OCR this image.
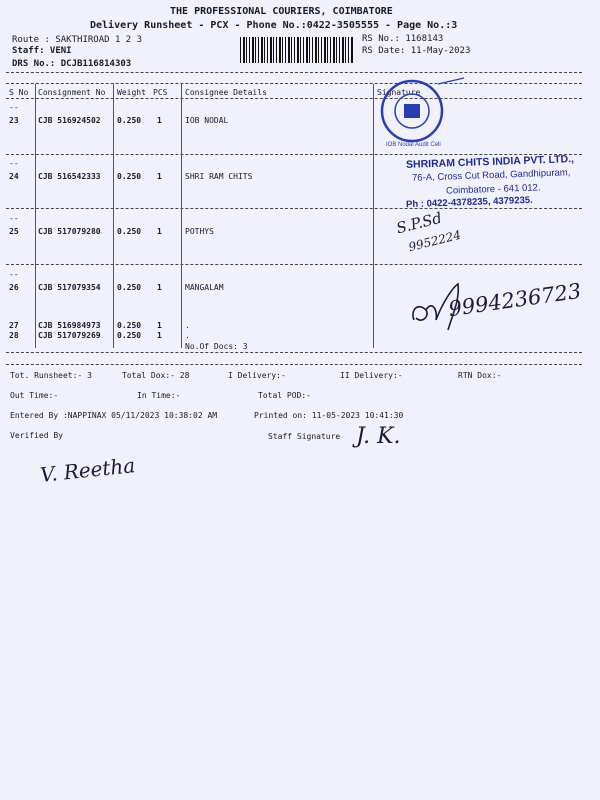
THE PROFESSIONAL COURIERS, COIMBATORE
Delivery Runsheet - PCX - Phone No.:0422-3505555 - Page No.:3
Route : SAKTHIROAD 1 2 3
Staff: VENI
DRS No.: DCJB116814303
RS No.: 1168143
RS Date: 11-May-2023
S No Consignment No Weight PCS Consignee Details	Signature
--
23 CJB 516924502 0.250 1	IOB NODAL
--
24 CJB 516542333 0.250 1	SHRI RAM CHITS
--
25 CJB 517079280 0.250 1	POTHYS
--
26 CJB 517079354 0.250 1	MANGALAM
27 CJB 516984973 0.250 1	.
28 CJB 517079269 0.250 1	.
No.Of Docs: 3
IOB Nodal Audit Cell
SHRIRAM CHITS INDIA PVT. LTD.,
76-A, Cross Cut Road, Gandhipuram,
Coimbatore - 641 012.
Ph : 0422-4378235, 4379235.
S.P.Sd
9952224
9994236723
Tot. Runsheet:- 3	Total Dox:- 28	I Delivery:-	II Delivery:-	RTN Dox:-
Out Time:-	In Time:-	Total POD:-
Entered By :NAPPINAX 05/11/2023 10:38:02 AM	Printed on: 11-05-2023 10:41:30
Verified By	Staff Signature J. K.
V. Reetha
